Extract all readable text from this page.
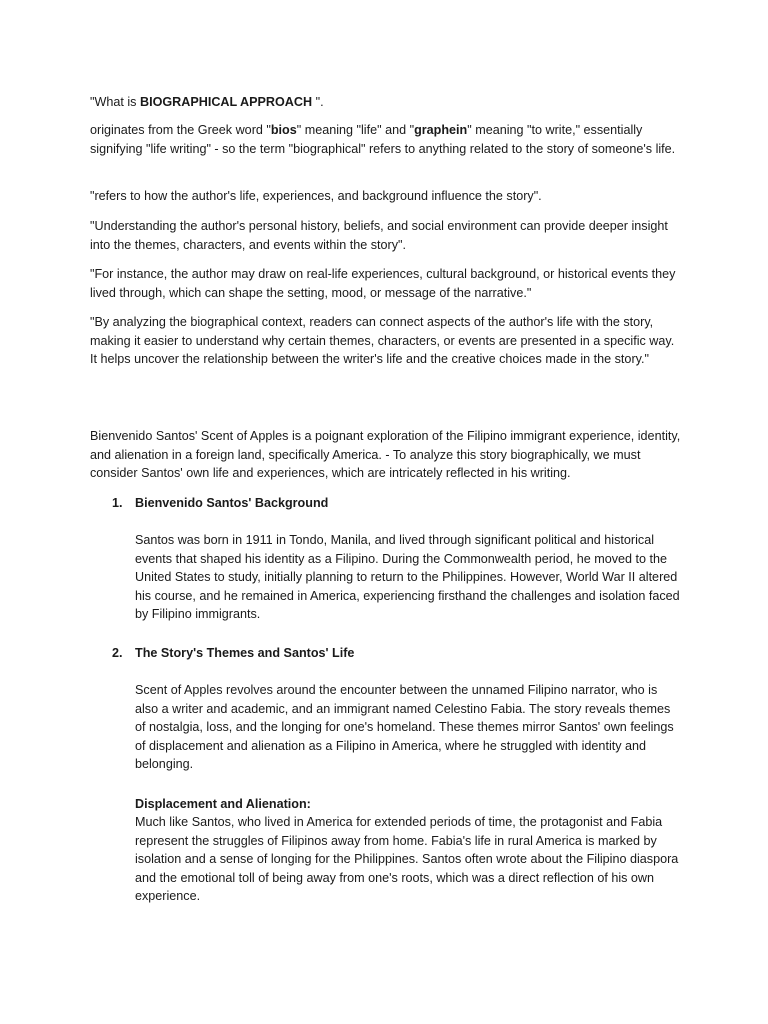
"What is BIOGRAPHICAL APPROACH ".

originates from the Greek word "bios" meaning "life" and "graphein" meaning "to write," essentially signifying "life writing" - so the term "biographical" refers to anything related to the story of someone's life.

"refers to how the author's life, experiences, and background influence the story".

"Understanding the author's personal history, beliefs, and social environment can provide deeper insight into the themes, characters, and events within the story".

"For instance, the author may draw on real-life experiences, cultural background, or historical events they lived through, which can shape the setting, mood, or message of the narrative."

"By analyzing the biographical context, readers can connect aspects of the author's life with the story, making it easier to understand why certain themes, characters, or events are presented in a specific way. It helps uncover the relationship between the writer's life and the creative choices made in the story."

Bienvenido Santos' Scent of Apples is a poignant exploration of the Filipino immigrant experience, identity, and alienation in a foreign land, specifically America. - To analyze this story biographically, we must consider Santos' own life and experiences, which are intricately reflected in his writing.

1. Bienvenido Santos' Background

Santos was born in 1911 in Tondo, Manila, and lived through significant political and historical events that shaped his identity as a Filipino. During the Commonwealth period, he moved to the United States to study, initially planning to return to the Philippines. However, World War II altered his course, and he remained in America, experiencing firsthand the challenges and isolation faced by Filipino immigrants.

2. The Story's Themes and Santos' Life

Scent of Apples revolves around the encounter between the unnamed Filipino narrator, who is also a writer and academic, and an immigrant named Celestino Fabia. The story reveals themes of nostalgia, loss, and the longing for one's homeland. These themes mirror Santos' own feelings of displacement and alienation as a Filipino in America, where he struggled with identity and belonging.

Displacement and Alienation:

Much like Santos, who lived in America for extended periods of time, the protagonist and Fabia represent the struggles of Filipinos away from home. Fabia's life in rural America is marked by isolation and a sense of longing for the Philippines. Santos often wrote about the Filipino diaspora and the emotional toll of being away from one's roots, which was a direct reflection of his own experience.
